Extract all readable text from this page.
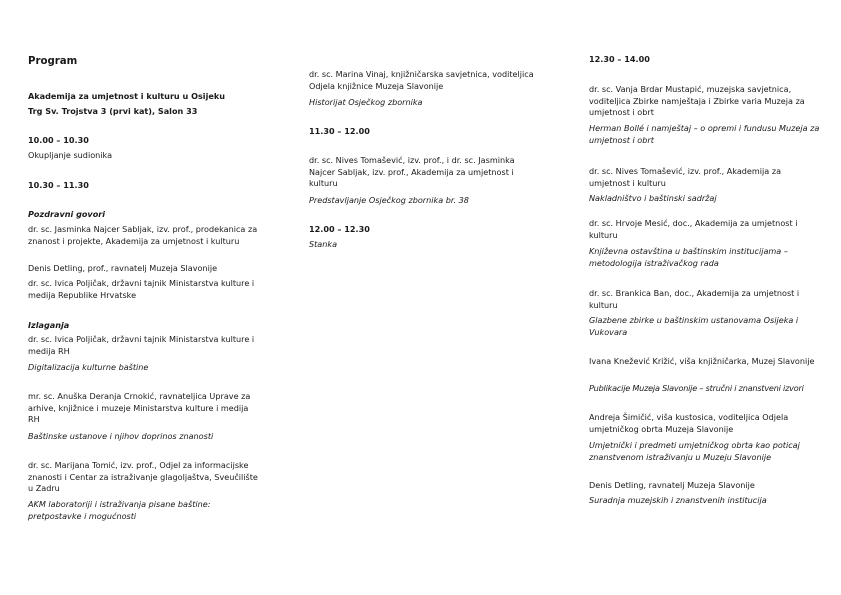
Program
Akademija za umjetnost i kulturu u Osijeku
Trg Sv. Trojstva 3 (prvi kat), Salon 33
10.00 – 10.30
Okupljanje sudionika
10.30 – 11.30
Pozdravni govori
dr. sc. Jasminka Najcer Sabljak, izv. prof., prodekanica za znanost i projekte, Akademija za umjetnost i kulturu
Denis Detling, prof., ravnatelj Muzeja Slavonije
dr. sc. Ivica Poljičak, državni tajnik Ministarstva kulture i medija Republike Hrvatske
Izlaganja
dr. sc. Ivica Poljičak, državni tajnik Ministarstva kulture i medija RH
Digitalizacija kulturne baštine
mr. sc. Anuška Deranja Crnokić, ravnateljica Uprave za arhive, knjižnice i muzeje Ministarstva kulture i medija RH
Baštinske ustanove i njihov doprinos znanosti
dr. sc. Marijana Tomić, izv. prof., Odjel za informacijske znanosti i Centar za istraživanje glagoljaštva, Sveučilište u Zadru
AKM laboratoriji i istraživanja pisane baštine: pretpostavke i mogućnosti
dr. sc. Marina Vinaj, knjižničarska savjetnica, voditeljica Odjela knjižnice Muzeja Slavonije
Historijat Osječkog zbornika
11.30 – 12.00
dr. sc. Nives Tomašević, izv. prof., i dr. sc. Jasminka Najcer Sabljak, izv. prof., Akademija za umjetnost i kulturu
Predstavljanje Osječkog zbornika br. 38
12.00 – 12.30
Stanka
12.30 – 14.00
dr. sc. Vanja Brdar Mustapić, muzejska savjetnica, voditeljica Zbirke namještaja i Zbirke varia Muzeja za umjetnost i obrt
Herman Bollé i namještaj – o opremi i fundusu Muzeja za umjetnost i obrt
dr. sc. Nives Tomašević, izv. prof., Akademija za umjetnost i kulturu
Nakladništvo i baštinski sadržaj
dr. sc. Hrvoje Mesić, doc., Akademija za umjetnost i kulturu
Književna ostavština u baštinskim institucijama – metodologija istraživačkog rada
dr. sc. Brankica Ban, doc., Akademija za umjetnost i kulturu
Glazbene zbirke u baštinskim ustanovama Osijeka i Vukovara
Ivana Knežević Križić, viša knjižničarka, Muzej Slavonije
Publikacije Muzeja Slavonije – stručni i znanstveni izvori
Andreja Šimičić, viša kustosica, voditeljica Odjela umjetničkog obrta Muzeja Slavonije
Umjetnički i predmeti umjetničkog obrta kao poticaj znanstvenom istraživanju u Muzeju Slavonije
Denis Detling, ravnatelj Muzeja Slavonije
Suradnja muzejskih i znanstvenih institucija
